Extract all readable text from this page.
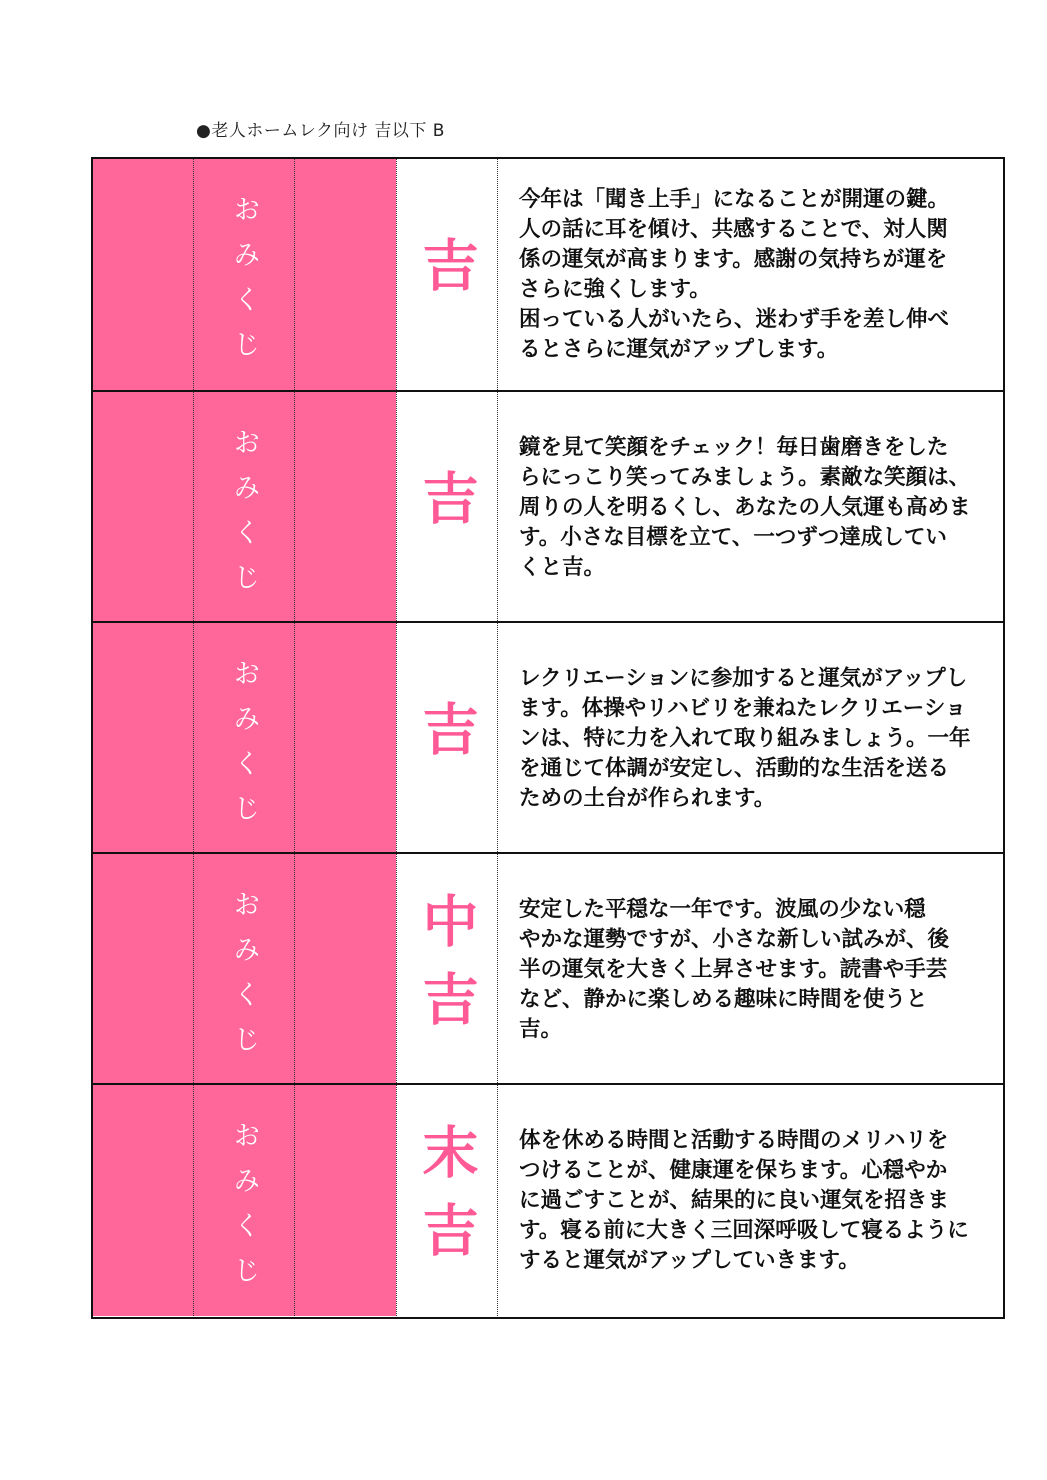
●老人ホームレク向け 吉以下 B
おみくじ	吉

今年は「聞き上手」になることが開運の鍵。
人の話に耳を傾け、共感することで、対人関
係の運気が高まります。感謝の気持ちが運を
さらに強くします。
困っている人がいたら、迷わず手を差し伸べ
るとさらに運気がアップします。

おみくじ	吉

鏡を見て笑顔をチェック！毎日歯磨きをした
らにっこり笑ってみましょう。素敵な笑顔は、
周りの人を明るくし、あなたの人気運も高めま
す。小さな目標を立て、一つずつ達成してい
くと吉。

おみくじ	吉

レクリエーションに参加すると運気がアップし
ます。体操やリハビリを兼ねたレクリエーショ
ンは、特に力を入れて取り組みましょう。一年
を通じて体調が安定し、活動的な生活を送る
ための土台が作られます。

おみくじ	中吉 安定した平穏な一年です。波風の少ない穏
やかな運勢ですが、小さな新しい試みが、後
半の運気を大きく上昇させます。読書や手芸
など、静かに楽しめる趣味に時間を使うと
吉。

おみくじ	末吉 体を休める時間と活動する時間のメリハリを
つけることが、健康運を保ちます。心穏やか
に過ごすことが、結果的に良い運気を招きま
す。寝る前に大きく三回深呼吸して寝るように
すると運気がアップしていきます。
